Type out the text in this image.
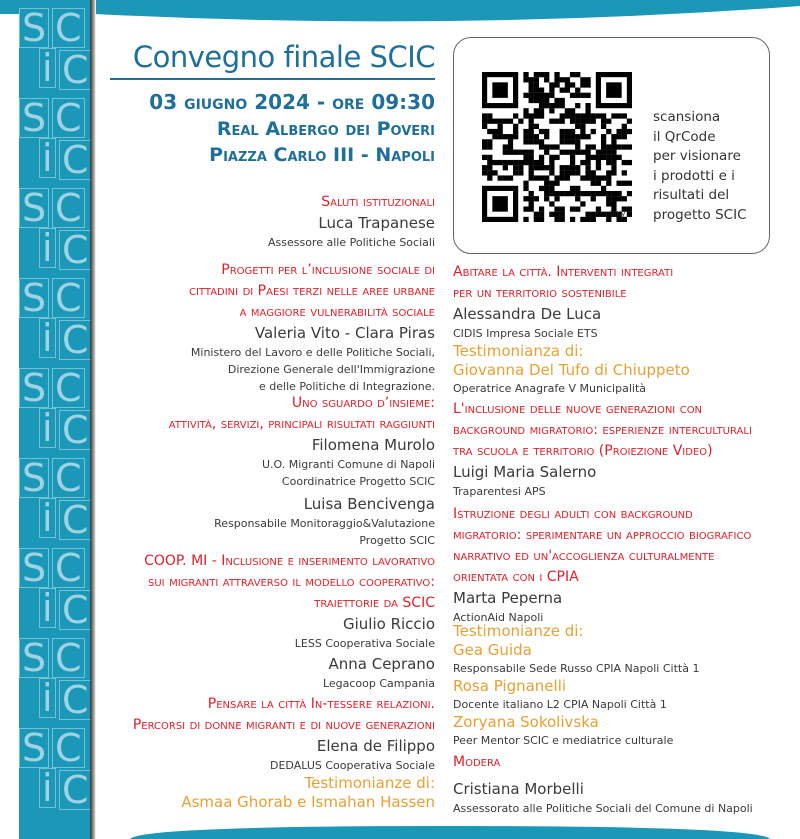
S C
i C
S C
i C
S C
i C
S C
i C
S C
i C
S C
i C
S C
i C
S C
i C
S C
i C
Convegno finale SCIC
03 giugno 2024 - ore 09:30
Real Albergo dei Poveri
Piazza Carlo III - Napoli
bitly
scansiona
il QrCode
per visionare
i prodotti e i
risultati del
progetto SCIC
Saluti istituzionali
Luca Trapanese
Assessore alle Politiche Sociali
Progetti per l’inclusione sociale di
cittadini di Paesi terzi nelle aree urbane
a maggiore vulnerabilità sociale
Valeria Vito - Clara Piras
Ministero del Lavoro e delle Politiche Sociali,
Direzione Generale dell'Immigrazione
e delle Politiche di Integrazione.
Uno sguardo d’insieme:
attività, servizi, principali risultati raggiunti
Filomena Murolo
U.O. Migranti Comune di Napoli
Coordinatrice Progetto SCIC
Luisa Bencivenga
Responsabile Monitoraggio&Valutazione
Progetto SCIC
COOP. MI - Inclusione e inserimento lavorativo
sui migranti attraverso il modello cooperativo:
traiettorie da SCIC
Giulio Riccio
LESS Cooperativa Sociale
Anna Ceprano
Legacoop Campania
Pensare la città In-tessere relazioni.
Percorsi di donne migranti e di nuove generazioni
Elena de Filippo
DEDALUS Cooperativa Sociale
Testimonianze di:
Asmaa Ghorab e Ismahan Hassen
Abitare la città. Interventi integrati
per un territorio sostenibile
Alessandra De Luca
CIDIS Impresa Sociale ETS
Testimonianza di:
Giovanna Del Tufo di Chiuppeto
Operatrice Anagrafe V Municipalità
L'inclusione delle nuove generazioni con
background migratorio: esperienze interculturali
tra scuola e territorio (Proiezione Video)
Luigi Maria Salerno
Traparentesi APS
Istruzione degli adulti con background
migratorio: sperimentare un approccio biografico
narrativo ed un'accoglienza culturalmente
orientata con i CPIA
Marta Peperna
ActionAid Napoli
Testimonianze di:
Gea Guida
Responsabile Sede Russo CPIA Napoli Città 1
Rosa Pignanelli
Docente italiano L2 CPIA Napoli Città 1
Zoryana Sokolivska
Peer Mentor SCIC e mediatrice culturale
Modera
Cristiana Morbelli
Assessorato alle Politiche Sociali del Comune di Napoli
